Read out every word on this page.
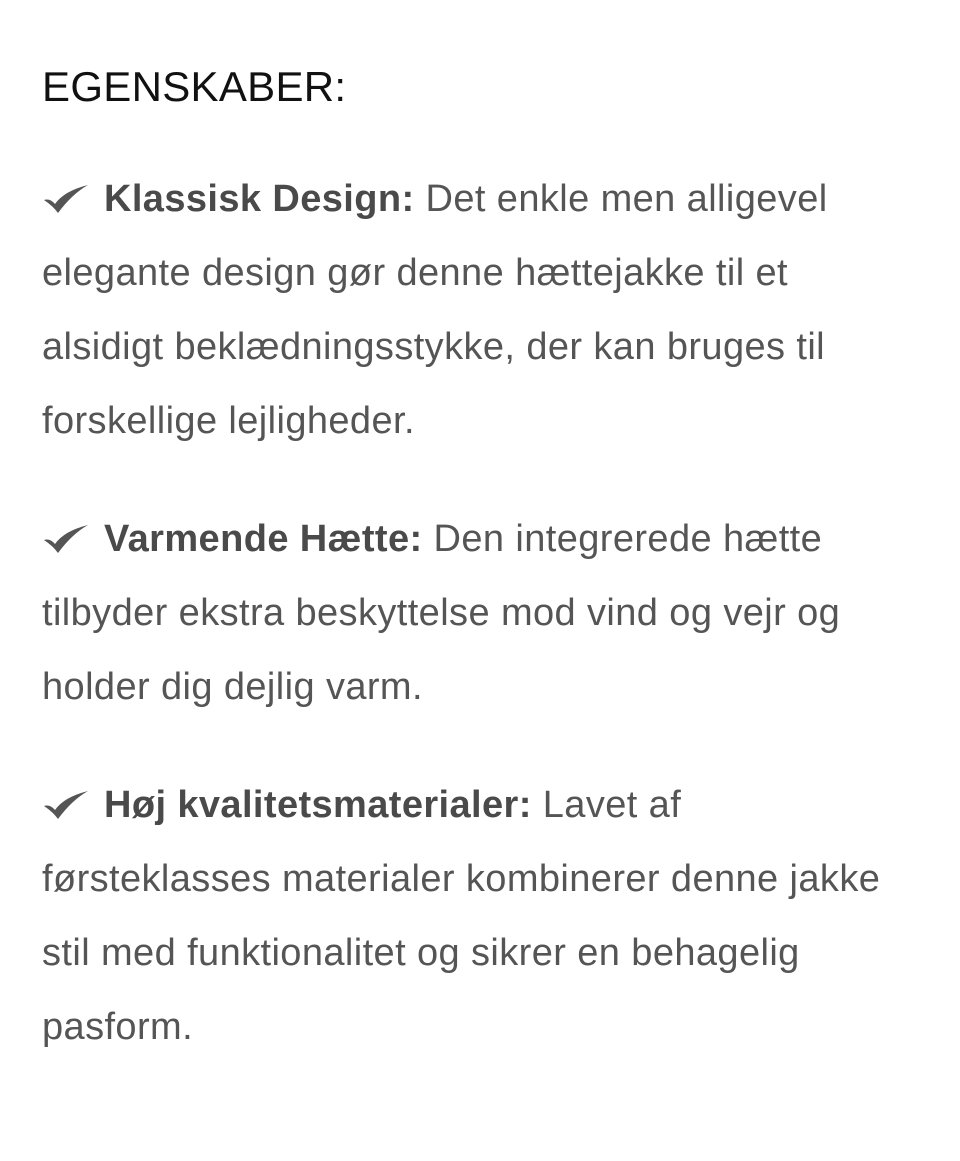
EGENSKABER:
Klassisk Design: Det enkle men alligevel elegante design gør denne hættejakke til et alsidigt beklædningsstykke, der kan bruges til forskellige lejligheder.
Varmende Hætte: Den integrerede hætte tilbyder ekstra beskyttelse mod vind og vejr og holder dig dejlig varm.
Høj kvalitetsmaterialer: Lavet af førsteklasses materialer kombinerer denne jakke stil med funktionalitet og sikrer en behagelig pasform.
